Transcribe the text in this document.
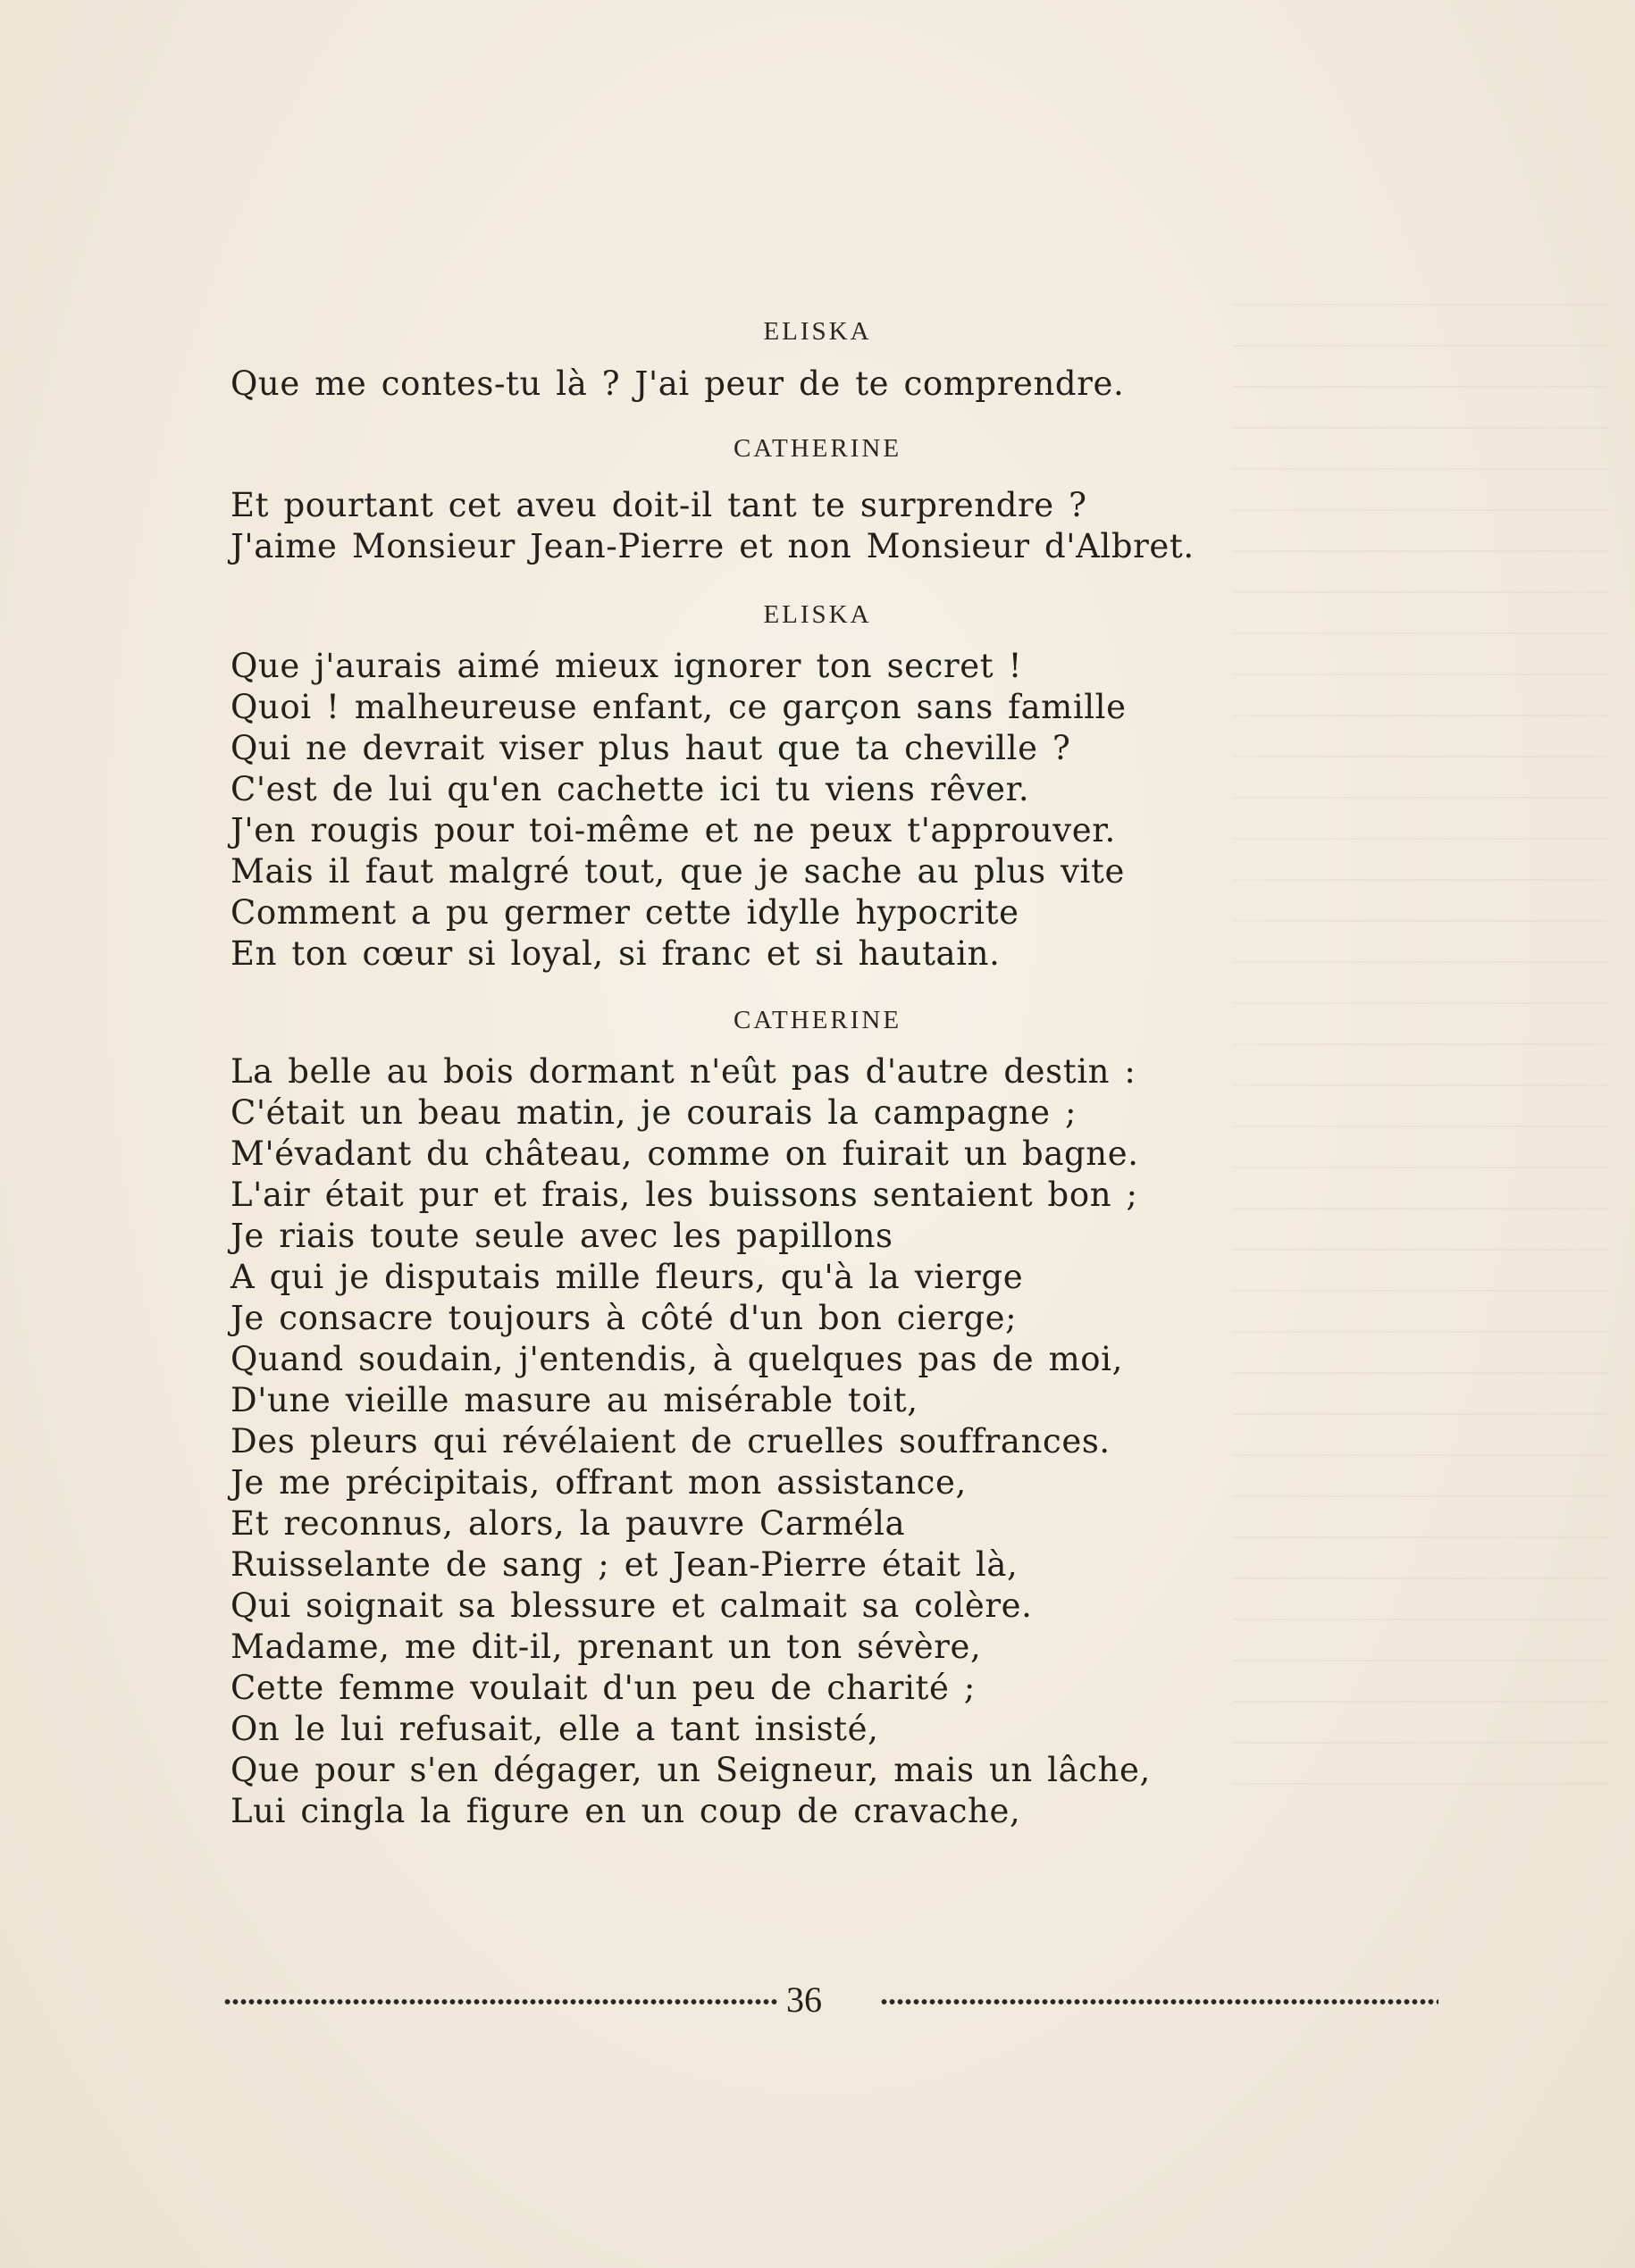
ELISKA
Que me contes-tu là ? J'ai peur de te comprendre.
CATHERINE
Et pourtant cet aveu doit-il tant te surprendre ?
J'aime Monsieur Jean-Pierre et non Monsieur d'Albret.
ELISKA
Que j'aurais aimé mieux ignorer ton secret !
Quoi ! malheureuse enfant, ce garçon sans famille
Qui ne devrait viser plus haut que ta cheville ?
C'est de lui qu'en cachette ici tu viens rêver.
J'en rougis pour toi-même et ne peux t'approuver.
Mais il faut malgré tout, que je sache au plus vite
Comment a pu germer cette idylle hypocrite
En ton cœur si loyal, si franc et si hautain.
CATHERINE
La belle au bois dormant n'eût pas d'autre destin :
C'était un beau matin, je courais la campagne ;
M'évadant du château, comme on fuirait un bagne.
L'air était pur et frais, les buissons sentaient bon ;
Je riais toute seule avec les papillons
A qui je disputais mille fleurs, qu'à la vierge
Je consacre toujours à côté d'un bon cierge;
Quand soudain, j'entendis, à quelques pas de moi,
D'une vieille masure au misérable toit,
Des pleurs qui révélaient de cruelles souffrances.
Je me précipitais, offrant mon assistance,
Et reconnus, alors, la pauvre Carméla
Ruisselante de sang ; et Jean-Pierre était là,
Qui soignait sa blessure et calmait sa colère.
Madame, me dit-il, prenant un ton sévère,
Cette femme voulait d'un peu de charité ;
On le lui refusait, elle a tant insisté,
Que pour s'en dégager, un Seigneur, mais un lâche,
Lui cingla la figure en un coup de cravache,
36
